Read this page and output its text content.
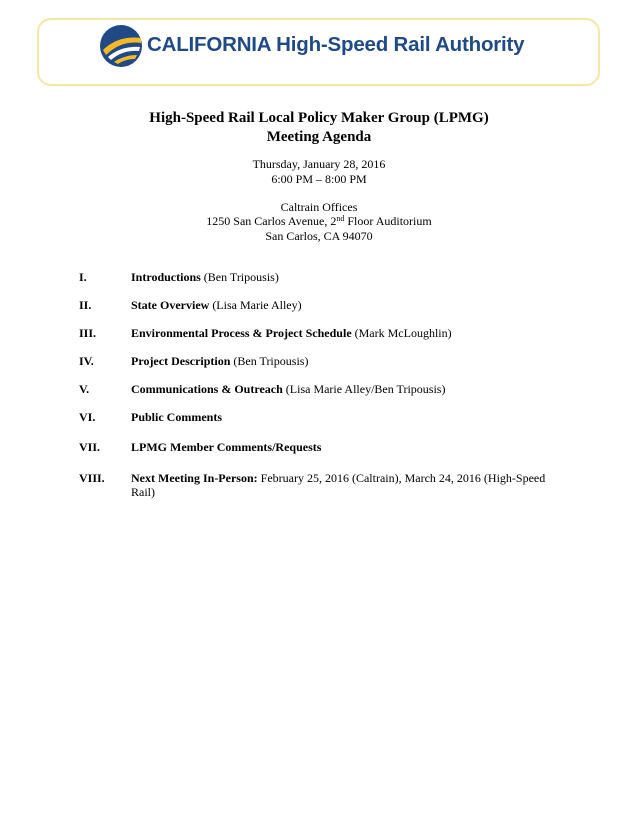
CALIFORNIA High-Speed Rail Authority
High-Speed Rail Local Policy Maker Group (LPMG)
Meeting Agenda
Thursday, January 28, 2016
6:00 PM – 8:00 PM
Caltrain Offices
1250 San Carlos Avenue, 2nd Floor Auditorium
San Carlos, CA 94070
I.	Introductions (Ben Tripousis)
II.	State Overview (Lisa Marie Alley)
III.	Environmental Process & Project Schedule (Mark McLoughlin)
IV.	Project Description (Ben Tripousis)
V.	Communications & Outreach (Lisa Marie Alley/Ben Tripousis)
VI.	Public Comments
VII.	LPMG Member Comments/Requests
VIII. Next Meeting In-Person: February 25, 2016 (Caltrain), March 24, 2016 (High-Speed Rail)
